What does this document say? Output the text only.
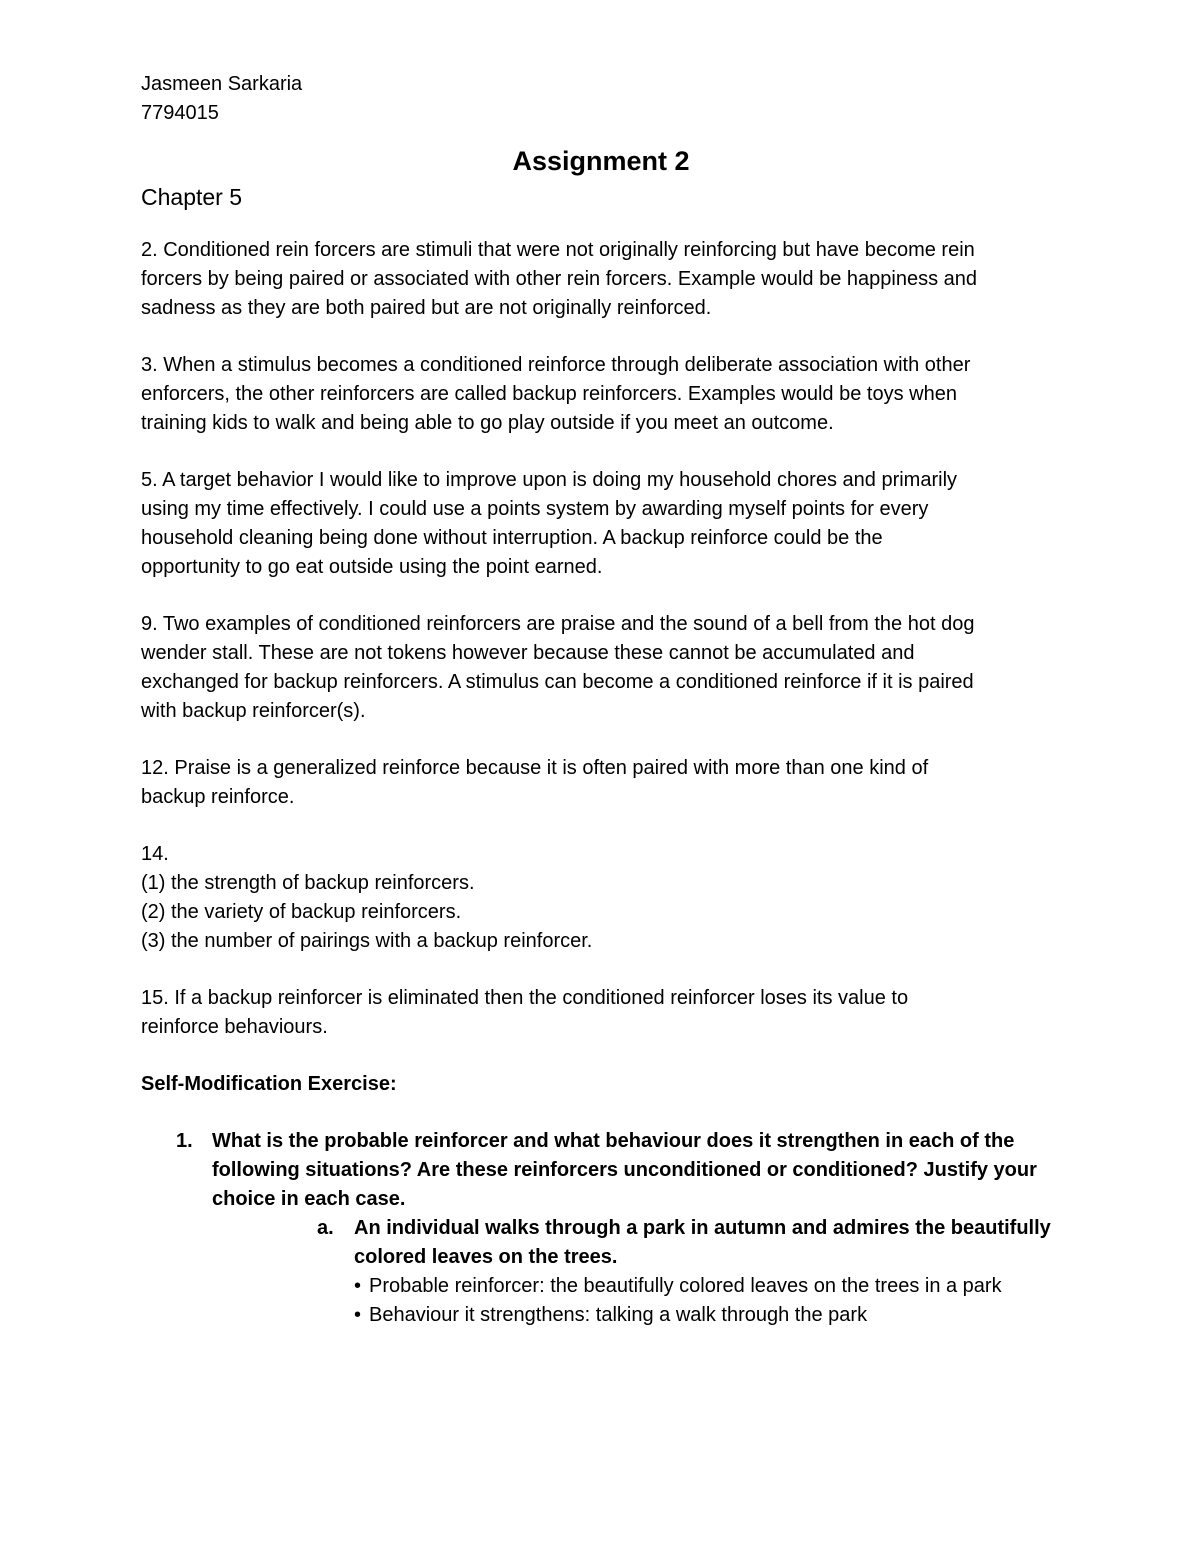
Jasmeen Sarkaria
7794015
Assignment 2
Chapter 5
2. Conditioned rein forcers are stimuli that were not originally reinforcing but have become rein
forcers by being paired or associated with other rein forcers. Example would be happiness and
sadness as they are both paired but are not originally reinforced.
3. When a stimulus becomes a conditioned reinforce through deliberate association with other
enforcers, the other reinforcers are called backup reinforcers. Examples would be toys when
training kids to walk and being able to go play outside if you meet an outcome.
5. A target behavior I would like to improve upon is doing my household chores and primarily
using my time effectively. I could use a points system by awarding myself points for every
household cleaning being done without interruption. A backup reinforce could be the
opportunity to go eat outside using the point earned.
9. Two examples of conditioned reinforcers are praise and the sound of a bell from the hot dog
wender stall. These are not tokens however because these cannot be accumulated and
exchanged for backup reinforcers. A stimulus can become a conditioned reinforce if it is paired
with backup reinforcer(s).
12. Praise is a generalized reinforce because it is often paired with more than one kind of
backup reinforce.
14.
(1) the strength of backup reinforcers.
(2) the variety of backup reinforcers.
(3) the number of pairings with a backup reinforcer.
15. If a backup reinforcer is eliminated then the conditioned reinforcer loses its value to
reinforce behaviours.
Self-Modification Exercise:
1. What is the probable reinforcer and what behaviour does it strengthen in each of the
following situations? Are these reinforcers unconditioned or conditioned? Justify your
choice in each case.
a. An individual walks through a park in autumn and admires the beautifully
colored leaves on the trees.
• Probable reinforcer: the beautifully colored leaves on the trees in a park
• Behaviour it strengthens: talking a walk through the park
